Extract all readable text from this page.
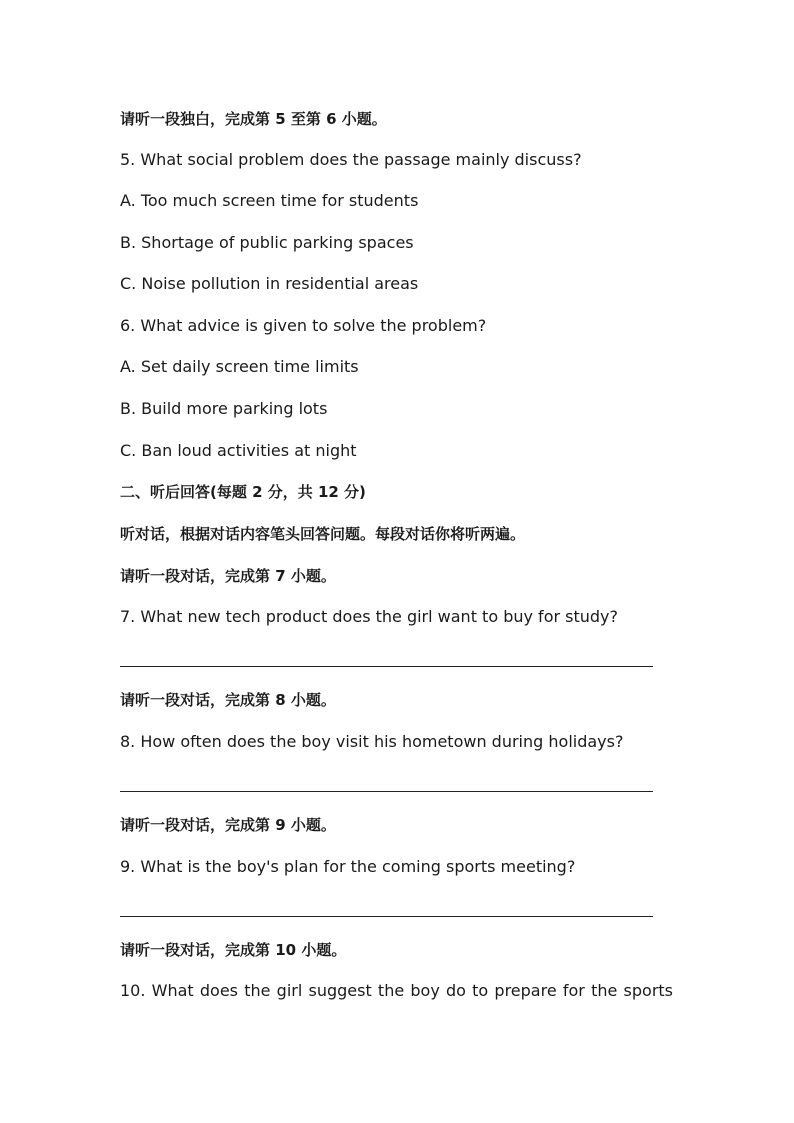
请听一段独白，完成第 5 至第 6 小题。
5. What social problem does the passage mainly discuss?
A. Too much screen time for students
B. Shortage of public parking spaces
C. Noise pollution in residential areas
6. What advice is given to solve the problem?
A. Set daily screen time limits
B. Build more parking lots
C. Ban loud activities at night
二、听后回答(每题 2 分，共 12 分)
听对话，根据对话内容笔头回答问题。每段对话你将听两遍。
请听一段对话，完成第 7 小题。
7. What new tech product does the girl want to buy for study?
请听一段对话，完成第 8 小题。
8. How often does the boy visit his hometown during holidays?
请听一段对话，完成第 9 小题。
9. What is the boy's plan for the coming sports meeting?
请听一段对话，完成第 10 小题。
10. What does the girl suggest the boy do to prepare for the sports
